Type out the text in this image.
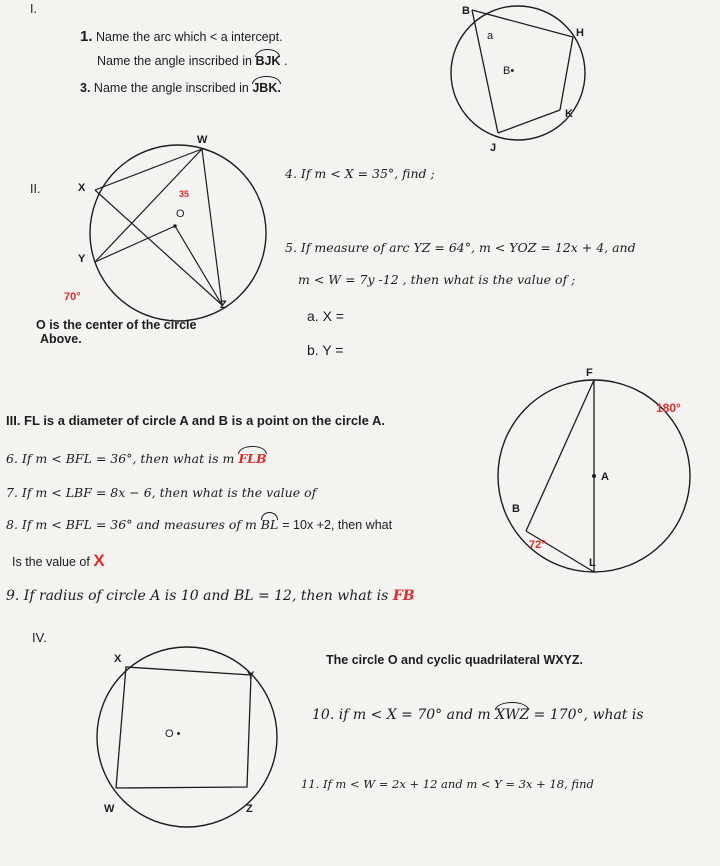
I.
1. Name the arc which < a intercept.
Name the angle inscribed in BJK .
3. Name the angle inscribed in JBK.
B
H
a
B•
K
J
W
X	35
O
Y
70°
Z
F
180°
A
B
72°
L
X
Y
O •
W	Z
II.
O is the center of the circle
Above.
4. If m < X = 35°, find ;
5. If measure of arc YZ = 64°, m < YOZ = 12x + 4, and
m < W = 7y -12 , then what is the value of ;
a. X =
b. Y =
III. FL is a diameter of circle A and B is a point on the circle A.
6. If m < BFL = 36°, then what is m FLB
7. If m < LBF = 8x − 6, then what is the value of
8. If m < BFL = 36° and measures of m BL = 10x +2, then what
Is the value of X
9. If radius of circle A is 10 and BL = 12, then what is FB
IV.
The circle O and cyclic quadrilateral WXYZ.
10. if m < X = 70° and m XWZ = 170°, what is
11. If m < W = 2x + 12 and m < Y = 3x + 18, find
